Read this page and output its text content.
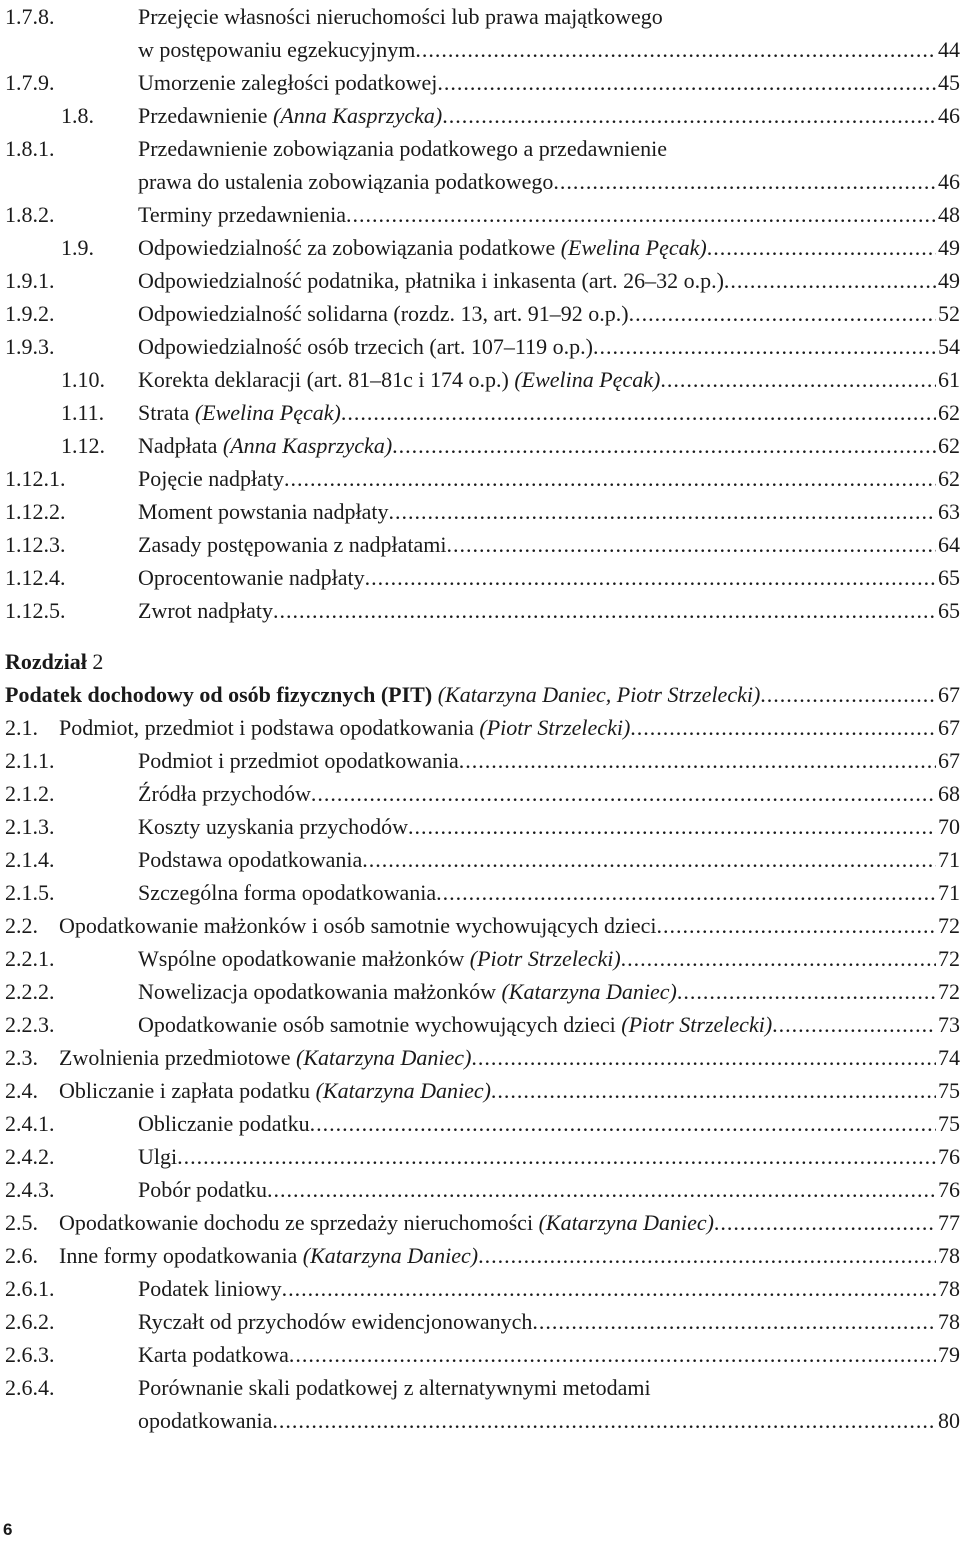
1.7.8.	Przejęcie własności nieruchomości lub prawa majątkowego
w postępowaniu egzekucyjnym .....	44
1.7.9.	Umorzenie zaległości podatkowej .....	45
1.8.	Przedawnienie (Anna Kasprzycka) .....	46
1.8.1.	Przedawnienie zobowiązania podatkowego a przedawnienie
prawa do ustalenia zobowiązania podatkowego .....	46
1.8.2.	Terminy przedawnienia .....	48
1.9.	Odpowiedzialność za zobowiązania podatkowe (Ewelina Pęcak) .....	49
1.9.1.	Odpowiedzialność podatnika, płatnika i inkasenta (art. 26–32 o.p.) .....	49
1.9.2.	Odpowiedzialność solidarna (rozdz. 13, art. 91–92 o.p.) .....	52
1.9.3.	Odpowiedzialność osób trzecich (art. 107–119 o.p.) .....	54
1.10.	Korekta deklaracji (art. 81–81c i 174 o.p.) (Ewelina Pęcak) .....	61
1.11.	Strata (Ewelina Pęcak) .....	62
1.12.	Nadpłata (Anna Kasprzycka) .....	62
1.12.1.	Pojęcie nadpłaty .....	62
1.12.2.	Moment powstania nadpłaty .....	63
1.12.3.	Zasady postępowania z nadpłatami .....	64
1.12.4.	Oprocentowanie nadpłaty .....	65
1.12.5.	Zwrot nadpłaty .....	65
Rozdział 2
Podatek dochodowy od osób fizycznych (PIT) (Katarzyna Daniec, Piotr Strzelecki) .....	67
2.1. Podmiot, przedmiot i podstawa opodatkowania (Piotr Strzelecki) .....	67
2.1.1.	Podmiot i przedmiot opodatkowania .....	67
2.1.2.	Źródła przychodów .....	68
2.1.3.	Koszty uzyskania przychodów .....	70
2.1.4.	Podstawa opodatkowania .....	71
2.1.5.	Szczególna forma opodatkowania .....	71
2.2. Opodatkowanie małżonków i osób samotnie wychowujących dzieci .....	72
2.2.1.	Wspólne opodatkowanie małżonków (Piotr Strzelecki) .....	72
2.2.2.	Nowelizacja opodatkowania małżonków (Katarzyna Daniec) .....	72
2.2.3.	Opodatkowanie osób samotnie wychowujących dzieci (Piotr Strzelecki) .....	73
2.3. Zwolnienia przedmiotowe (Katarzyna Daniec) .....	74
2.4. Obliczanie i zapłata podatku (Katarzyna Daniec) .....	75
2.4.1.	Obliczanie podatku .....	75
2.4.2.	Ulgi .....	76
2.4.3.	Pobór podatku .....	76
2.5. Opodatkowanie dochodu ze sprzedaży nieruchomości (Katarzyna Daniec) .....	77
2.6. Inne formy opodatkowania (Katarzyna Daniec) .....	78
2.6.1.	Podatek liniowy .....	78
2.6.2.	Ryczałt od przychodów ewidencjonowanych .....	78
2.6.3.	Karta podatkowa .....	79
2.6.4.	Porównanie skali podatkowej z alternatywnymi metodami
opodatkowania .....	80
6
